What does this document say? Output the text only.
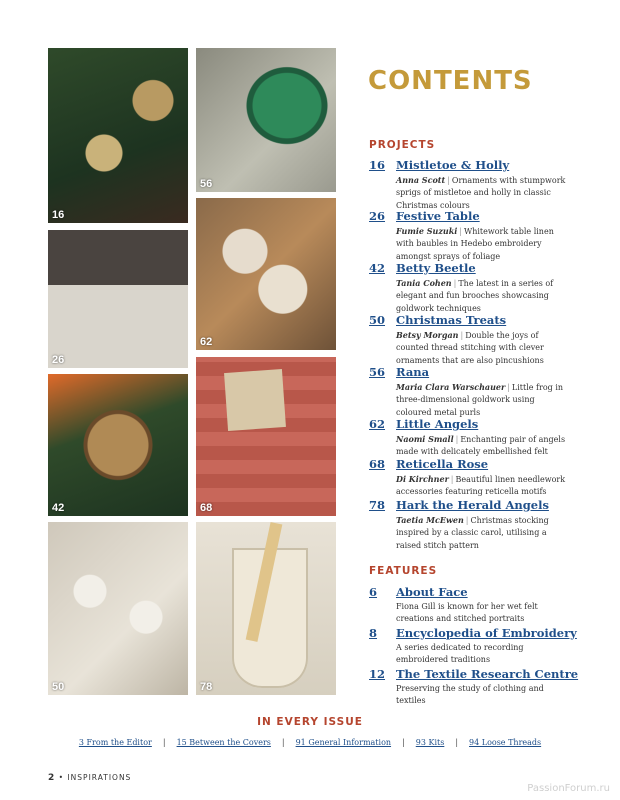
16
56
26
62
42	68
50	78
CONTENTS
PROJECTS
16 Mistletoe & Holly
Anna Scott | Ornaments with stumpwork sprigs of mistletoe and holly in classic Christmas colours
26 Festive Table
Fumie Suzuki | Whitework table linen with baubles in Hedebo embroidery amongst sprays of foliage
42 Betty Beetle
Tania Cohen | The latest in a series of elegant and fun brooches showcasing goldwork techniques
50 Christmas Treats
Betsy Morgan | Double the joys of counted thread stitching with clever ornaments that are also pincushions
56 Rana
Maria Clara Warschauer | Little frog in three-dimensional goldwork using coloured metal purls
62 Little Angels
Naomi Small | Enchanting pair of angels made with delicately embellished felt
68 Reticella Rose
Di Kirchner | Beautiful linen needlework accessories featuring reticella motifs
78 Hark the Herald Angels
Taetia McEwen | Christmas stocking inspired by a classic carol, utilising a raised stitch pattern
FEATURES
6 About Face
Fiona Gill is known for her wet felt creations and stitched portraits
8 Encyclopedia of Embroidery
A series dedicated to recording embroidered traditions
12 The Textile Research Centre
Preserving the study of clothing and textiles
IN EVERY ISSUE
3 From the Editor | 15 Between the Covers | 91 General Information | 93 Kits | 94 Loose Threads
2 • INSPIRATIONS
PassionForum.ru
